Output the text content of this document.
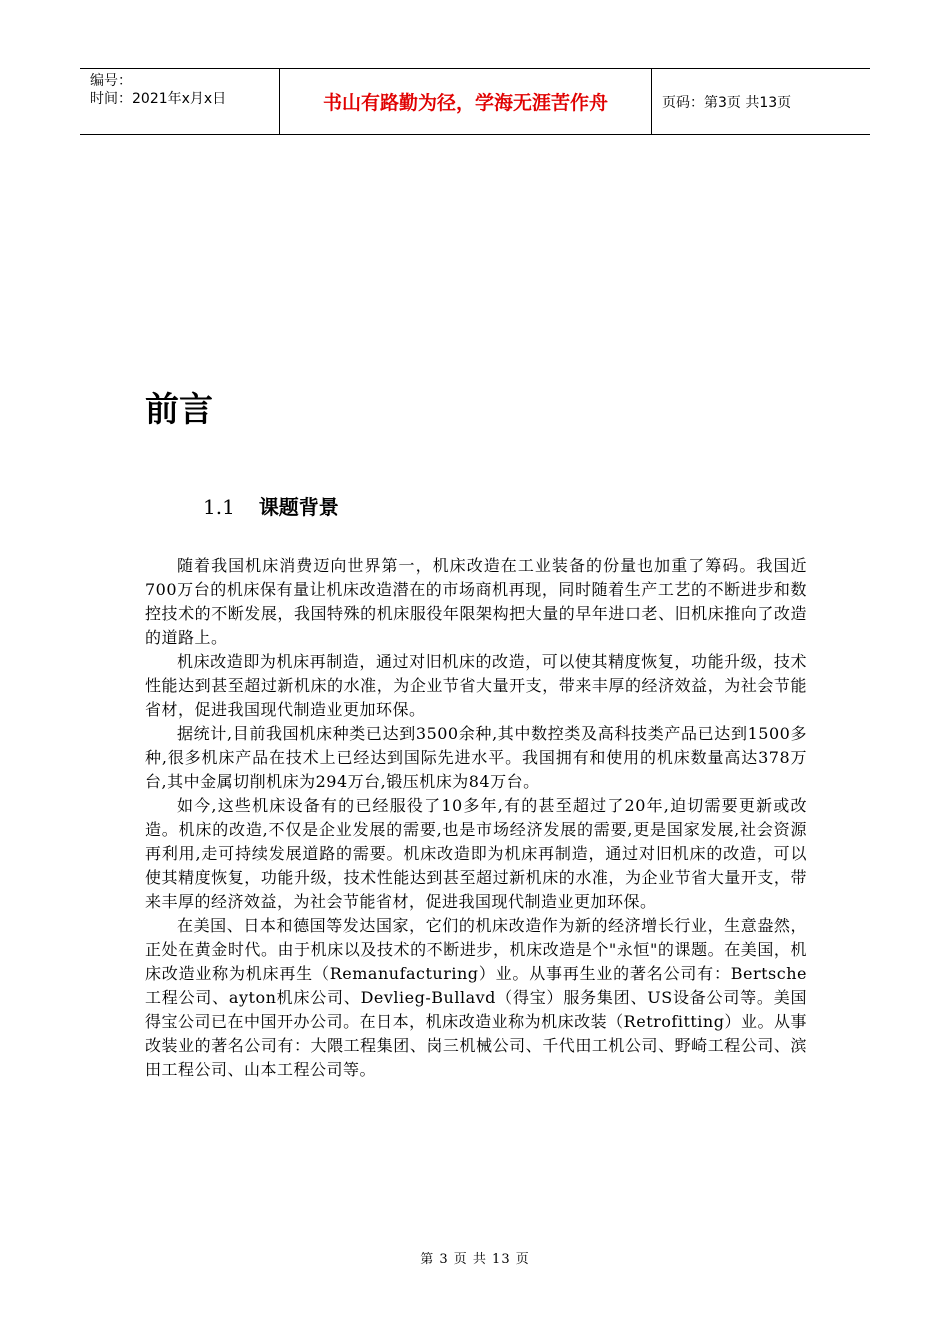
编号：
时间：2021年x月x日	书山有路勤为径，学海无涯苦作舟	页码：第3页 共13页
前言
1.1 课题背景

随着我国机床消费迈向世界第一，机床改造在工业装备的份量也加重了筹码。我国近700万台的机床保有量让机床改造潜在的市场商机再现，同时随着生产工艺的不断进步和数控技术的不断发展，我国特殊的机床服役年限架构把大量的早年进口老、旧机床推向了改造的道路上。

机床改造即为机床再制造，通过对旧机床的改造，可以使其精度恢复，功能升级，技术性能达到甚至超过新机床的水准，为企业节省大量开支，带来丰厚的经济效益，为社会节能省材，促进我国现代制造业更加环保。

据统计,目前我国机床种类已达到3500余种,其中数控类及高科技类产品已达到1500多种,很多机床产品在技术上已经达到国际先进水平。我国拥有和使用的机床数量高达378万台,其中金属切削机床为294万台,锻压机床为84万台。

如今,这些机床设备有的已经服役了10多年,有的甚至超过了20年,迫切需要更新或改造。机床的改造,不仅是企业发展的需要,也是市场经济发展的需要,更是国家发展,社会资源再利用,走可持续发展道路的需要。机床改造即为机床再制造，通过对旧机床的改造，可以使其精度恢复，功能升级，技术性能达到甚至超过新机床的水准，为企业节省大量开支，带来丰厚的经济效益，为社会节能省材，促进我国现代制造业更加环保。

在美国、日本和德国等发达国家，它们的机床改造作为新的经济增长行业，生意盎然，正处在黄金时代。由于机床以及技术的不断进步，机床改造是个"永恒"的课题。在美国，机床改造业称为机床再生（Remanufacturing）业。从事再生业的著名公司有：Bertsche工程公司、ayton机床公司、Devlieg-Bullavd（得宝）服务集团、US设备公司等。美国得宝公司已在中国开办公司。在日本，机床改造业称为机床改装（Retrofitting）业。从事改装业的著名公司有：大隈工程集团、岗三机械公司、千代田工机公司、野崎工程公司、滨田工程公司、山本工程公司等。

第 3 页 共 13 页
